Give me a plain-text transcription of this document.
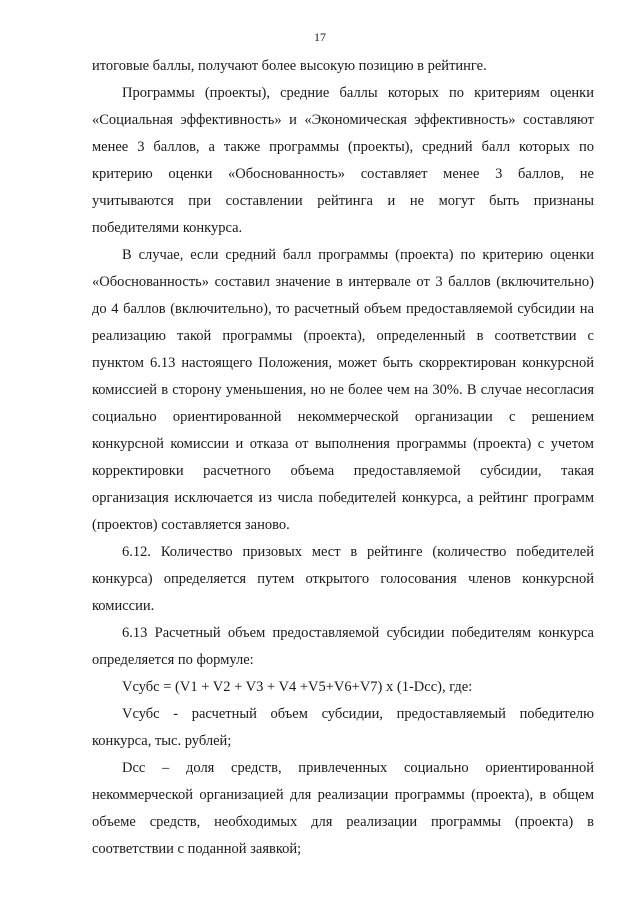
17

итоговые баллы, получают более высокую позицию в рейтинге.

Программы (проекты), средние баллы которых по критериям оценки «Социальная эффективность» и «Экономическая эффективность» составляют менее 3 баллов, а также программы (проекты), средний балл которых по критерию оценки «Обоснованность» составляет менее 3 баллов, не учитываются при составлении рейтинга и не могут быть признаны победителями конкурса.

В случае, если средний балл программы (проекта) по критерию оценки «Обоснованность» составил значение в интервале от 3 баллов (включительно) до 4 баллов (включительно), то расчетный объем предоставляемой субсидии на реализацию такой программы (проекта), определенный в соответствии с пунктом 6.13 настоящего Положения, может быть скорректирован конкурсной комиссией в сторону уменьшения, но не более чем на 30%. В случае несогласия социально ориентированной некоммерческой организации с решением конкурсной комиссии и отказа от выполнения программы (проекта) с учетом корректировки расчетного объема предоставляемой субсидии, такая организация исключается из числа победителей конкурса, а рейтинг программ (проектов) составляется заново.

6.12. Количество призовых мест в рейтинге (количество победителей конкурса) определяется путем открытого голосования членов конкурсной комиссии.

6.13 Расчетный объем предоставляемой субсидии победителям конкурса определяется по формуле:

Vсубс = (V1 + V2 + V3 + V4 +V5+V6+V7) х (1-Dсс), где:

Vсубс - расчетный объем субсидии, предоставляемый победителю конкурса, тыс. рублей;

Dсс – доля средств, привлеченных социально ориентированной некоммерческой организацией для реализации программы (проекта), в общем объеме средств, необходимых для реализации программы (проекта) в соответствии с поданной заявкой;
